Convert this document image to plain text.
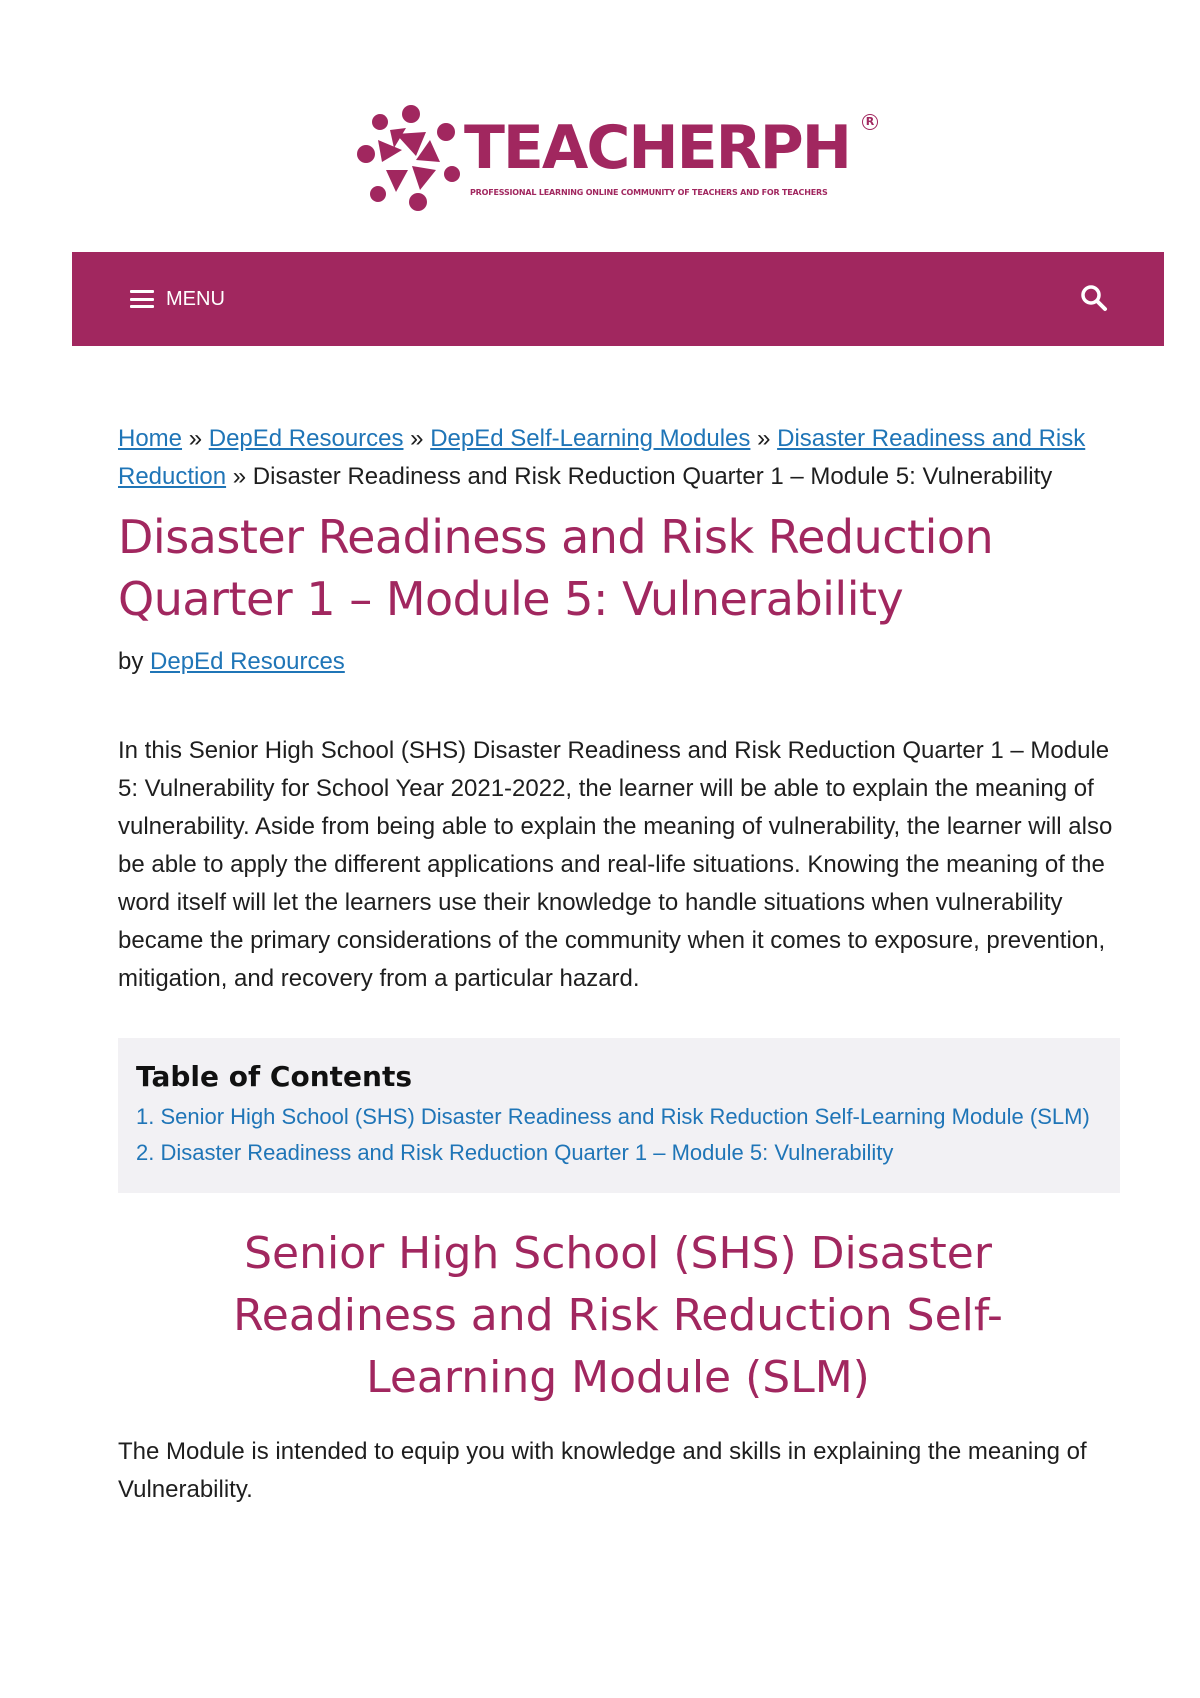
TEACHERPH	R
PROFESSIONAL LEARNING ONLINE COMMUNITY OF TEACHERS AND FOR TEACHERS
MENU
Home » DepEd Resources » DepEd Self-Learning Modules » Disaster Readiness and Risk Reduction » Disaster Readiness and Risk Reduction Quarter 1 – Module 5: Vulnerability
Disaster Readiness and Risk Reduction Quarter 1 – Module 5: Vulnerability
by DepEd Resources

In this Senior High School (SHS) Disaster Readiness and Risk Reduction Quarter 1 – Module 5: Vulnerability for School Year 2021-2022, the learner will be able to explain the meaning of vulnerability. Aside from being able to explain the meaning of vulnerability, the learner will also be able to apply the different applications and real-life situations. Knowing the meaning of the word itself will let the learners use their knowledge to handle situations when vulnerability became the primary considerations of the community when it comes to exposure, prevention, mitigation, and recovery from a particular hazard.

Table of Contents
1. Senior High School (SHS) Disaster Readiness and Risk Reduction Self-Learning Module (SLM)
2. Disaster Readiness and Risk Reduction Quarter 1 – Module 5: Vulnerability
Senior High School (SHS) Disaster Readiness and Risk Reduction Self-Learning Module (SLM)

The Module is intended to equip you with knowledge and skills in explaining the meaning of Vulnerability.
